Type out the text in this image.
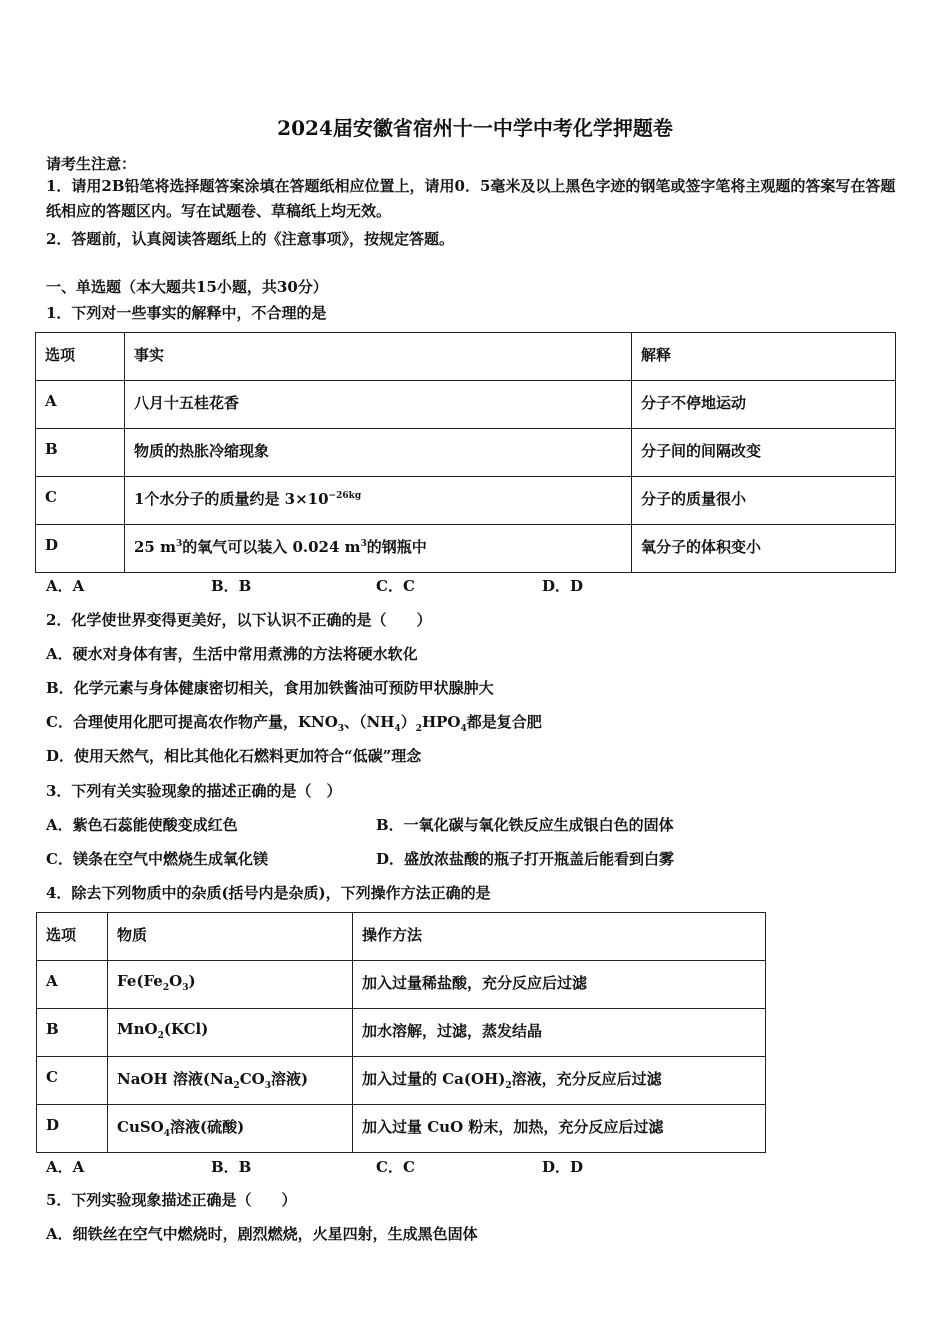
2024届安徽省宿州十一中学中考化学押题卷
请考生注意：
1．请用2B铅笔将选择题答案涂填在答题纸相应位置上，请用0．5毫米及以上黑色字迹的钢笔或签字笔将主观题的答案写在答题纸相应的答题区内。写在试题卷、草稿纸上均无效。
2．答题前，认真阅读答题纸上的《注意事项》，按规定答题。
一、单选题（本大题共15小题，共30分）
1．下列对一些事实的解释中，不合理的是
选项	事实	解释
A	八月十五桂花香	分子不停地运动
B	物质的热胀冷缩现象	分子间的间隔改变
C	1个水分子的质量约是 $3\times 10^{-26kg}$	分子的质量很小
D	25 $m^3$的氧气可以装入 0.024 $m^3$的钢瓶中	氧分子的体积变小
A．A	B．B	C．C	D．D
2．化学使世界变得更美好，以下认识不正确的是（　　）
A．硬水对身体有害，生活中常用煮沸的方法将硬水软化
B．化学元素与身体健康密切相关，食用加铁酱油可预防甲状腺肿大
C．合理使用化肥可提高农作物产量，$KNO_3$、$(NH_4)_2HPO_4$都是复合肥
D．使用天然气，相比其他化石燃料更加符合“低碳”理念
3．下列有关实验现象的描述正确的是（　）
A．紫色石蕊能使酸变成红色	B．一氧化碳与氧化铁反应生成银白色的固体
C．镁条在空气中燃烧生成氧化镁	D．盛放浓盐酸的瓶子打开瓶盖后能看到白雾
4．除去下列物质中的杂质(括号内是杂质)，下列操作方法正确的是
选项	物质	操作方法
A	$Fe(Fe_2O_3)$	加入过量稀盐酸，充分反应后过滤
B	MnO$_2$(KCl)	加水溶解，过滤，蒸发结晶
C	NaOH 溶液($Na_2CO_3$溶液)	加入过量的 $Ca(OH)_2$溶液，充分反应后过滤
D	CuSO$_4$溶液(硫酸)	加入过量 CuO 粉末，加热，充分反应后过滤
A．A	B．B	C．C	D．D
5．下列实验现象描述正确是（　　）
A．细铁丝在空气中燃烧时，剧烈燃烧，火星四射，生成黑色固体
